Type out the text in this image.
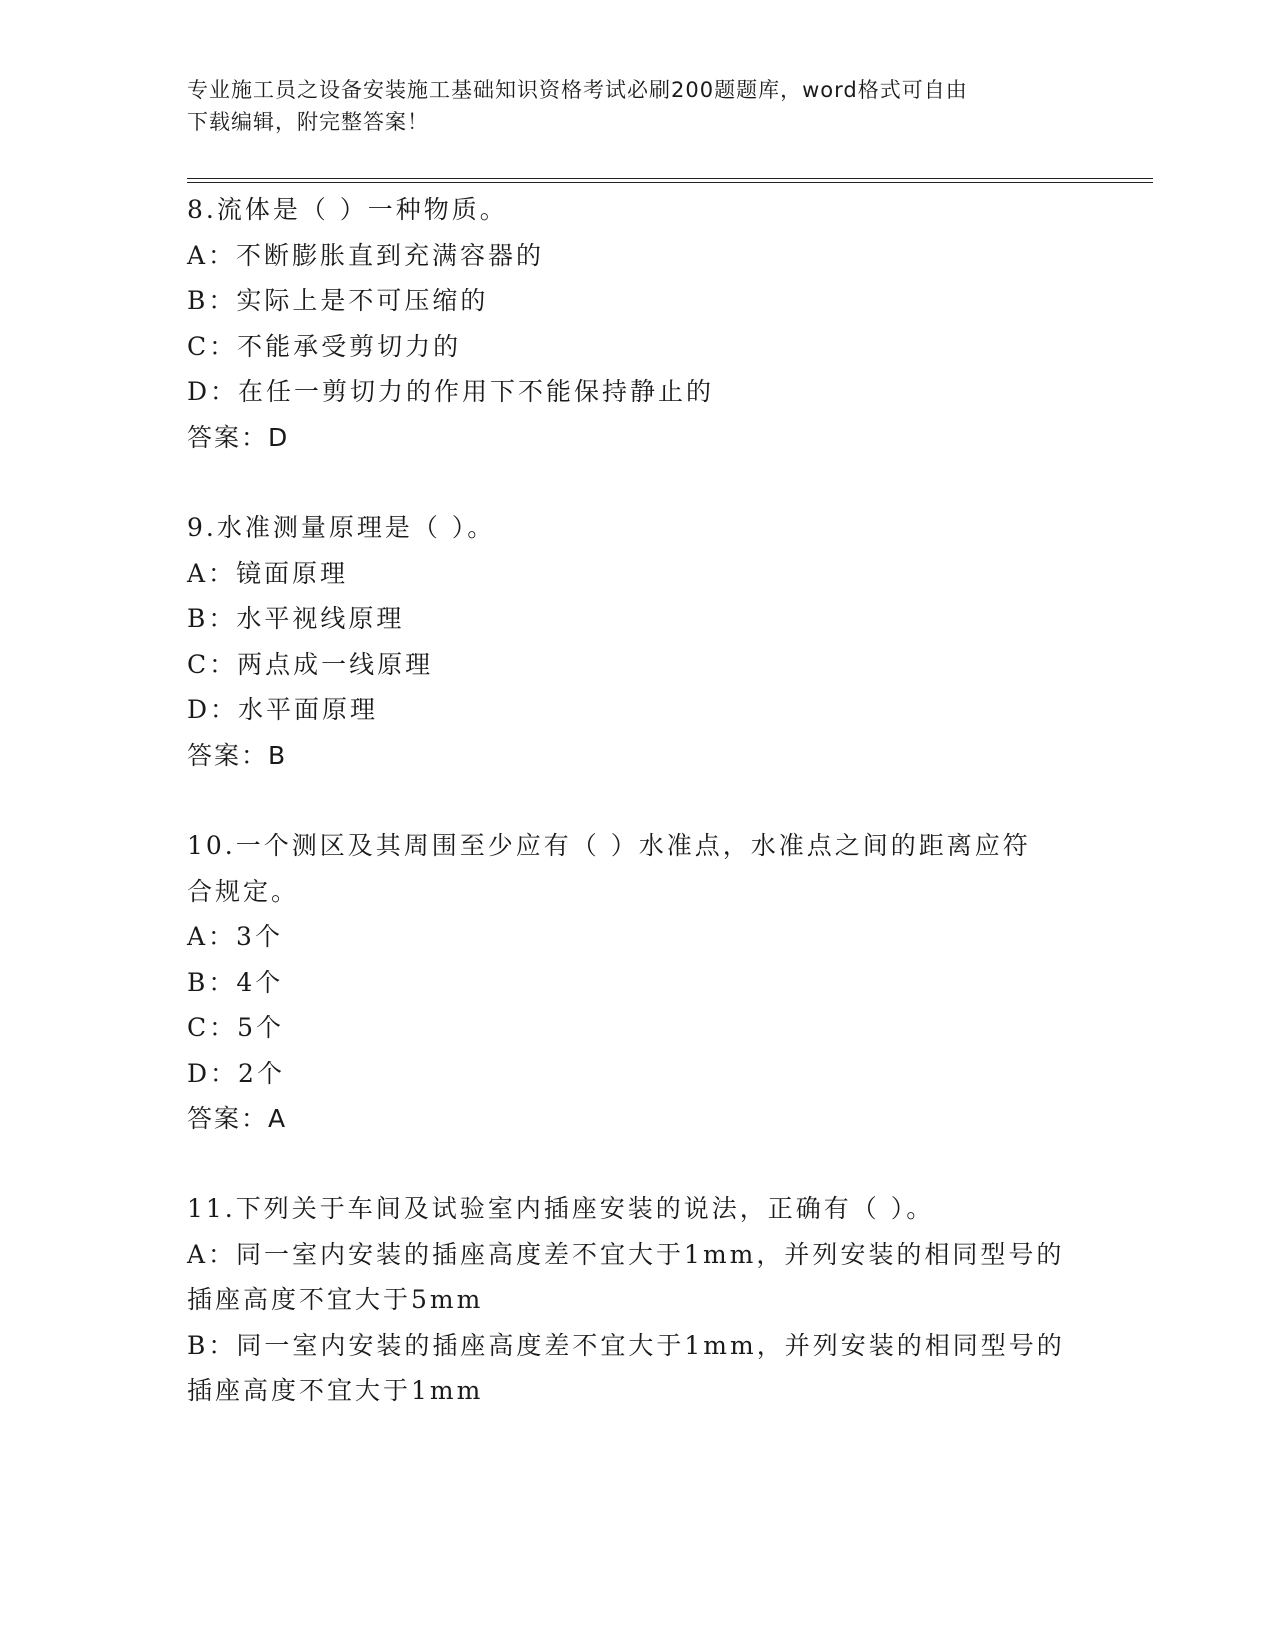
专业施工员之设备安装施工基础知识资格考试必刷200题题库，word格式可自由
下载编辑，附完整答案！
8.流体是（ ）一种物质。
A：不断膨胀直到充满容器的
B：实际上是不可压缩的
C：不能承受剪切力的
D：在任一剪切力的作用下不能保持静止的
答案：D
9.水准测量原理是（ ）。
A：镜面原理
B：水平视线原理
C：两点成一线原理
D：水平面原理
答案：B
10.一个测区及其周围至少应有（ ）水准点，水准点之间的距离应符
合规定。
A：3个
B：4个
C：5个
D：2个
答案：A
11.下列关于车间及试验室内插座安装的说法，正确有（ ）。
A：同一室内安装的插座高度差不宜大于1mm，并列安装的相同型号的
插座高度不宜大于5mm
B：同一室内安装的插座高度差不宜大于1mm，并列安装的相同型号的
插座高度不宜大于1mm
